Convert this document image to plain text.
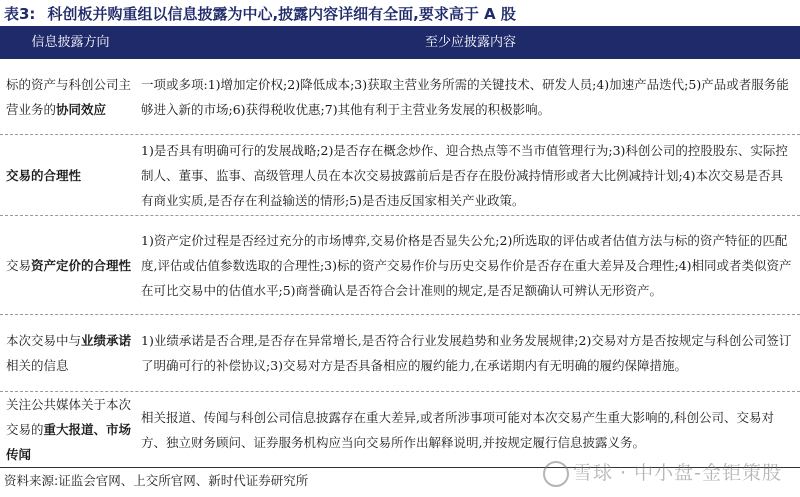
表3: 科创板并购重组以信息披露为中心,披露内容详细有全面,要求高于 A 股
信息披露方向	至少应披露内容
标的资产与科创公司主营业务的协同效应
一项或多项:1)增加定价权;2)降低成本;3)获取主营业务所需的关键技术、研发人员;4)加速产品迭代;5)产品或者服务能够进入新的市场;6)获得税收优惠;7)其他有利于主营业务发展的积极影响。
交易的合理性
1)是否具有明确可行的发展战略;2)是否存在概念炒作、迎合热点等不当市值管理行为;3)科创公司的控股股东、实际控制人、董事、监事、高级管理人员在本次交易披露前后是否存在股份减持情形或者大比例减持计划;4)本次交易是否具有商业实质,是否存在利益输送的情形;5)是否违反国家相关产业政策。
交易资产定价的合理性
1)资产定价过程是否经过充分的市场博弈,交易价格是否显失公允;2)所选取的评估或者估值方法与标的资产特征的匹配度,评估或估值参数选取的合理性;3)标的资产交易作价与历史交易作价是否存在重大差异及合理性;4)相同或者类似资产在可比交易中的估值水平;5)商誉确认是否符合会计准则的规定,是否足额确认可辨认无形资产。
本次交易中与业绩承诺相关的信息
1)业绩承诺是否合理,是否存在异常增长,是否符合行业发展趋势和业务发展规律;2)交易对方是否按规定与科创公司签订了明确可行的补偿协议;3)交易对方是否具备相应的履约能力,在承诺期内有无明确的履约保障措施。
关注公共媒体关于本次交易的重大报道、市场传闻
相关报道、传闻与科创公司信息披露存在重大差异,或者所涉事项可能对本次交易产生重大影响的,科创公司、交易对方、独立财务顾问、证券服务机构应当向交易所作出解释说明,并按规定履行信息披露义务。
资料来源:证监会官网、上交所官网、新时代证券研究所	雪球 · 中小盘-金钜策股
